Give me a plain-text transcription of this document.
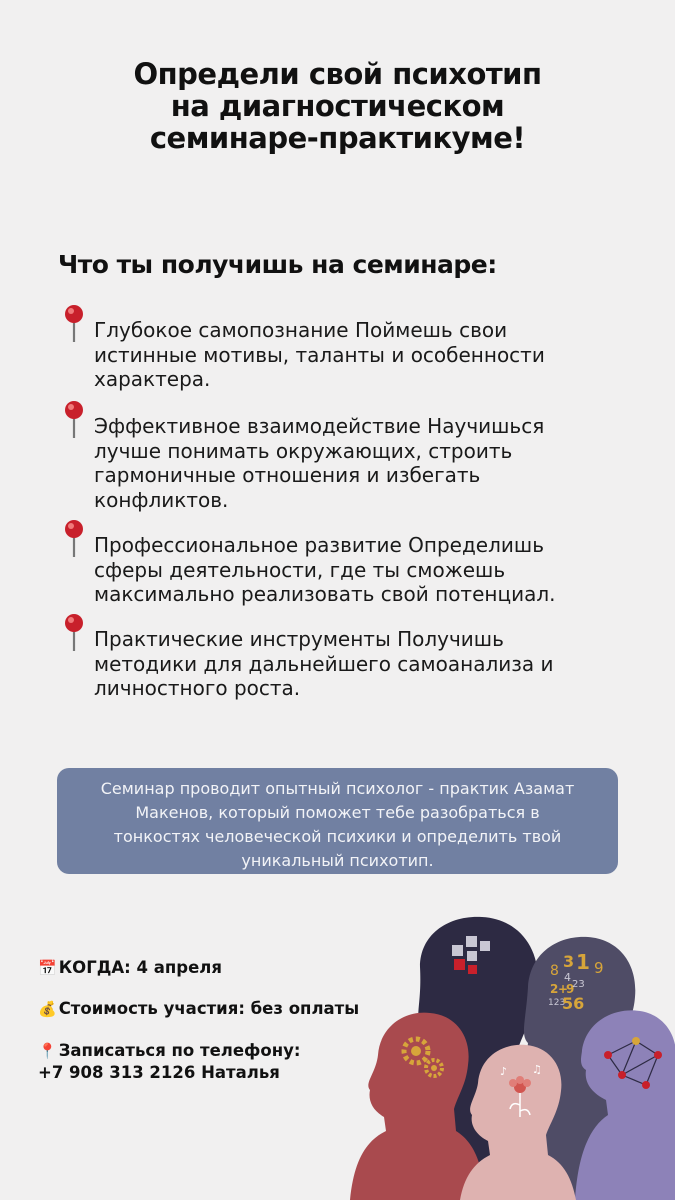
Определи свой психотип
на диагностическом
семинаре-практикуме!
Что ты получишь на семинаре:
Глубокое самопознание Поймешь свои
истинные мотивы, таланты и особенности
характера.
Эффективное взаимодействие Научишься
лучше понимать окружающих, строить
гармоничные отношения и избегать
конфликтов.
Профессиональное развитие Определишь
сферы деятельности, где ты сможешь
максимально реализовать свой потенциал.
Практические инструменты Получишь
методики для дальнейшего самоанализа и
личностного роста.
Семинар проводит опытный психолог - практик Азамат
Макенов, который поможет тебе разобраться в
тонкостях человеческой психики и определить твой
уникальный психотип.
📅 КОГДА: 4 апреля
💰 Стоимость участия: без оплаты
📍 Записаться по телефону:
+7 908 313 2126 Наталья
8 3 1 9
4
2 +
9
23
123
56
♪ ♫
